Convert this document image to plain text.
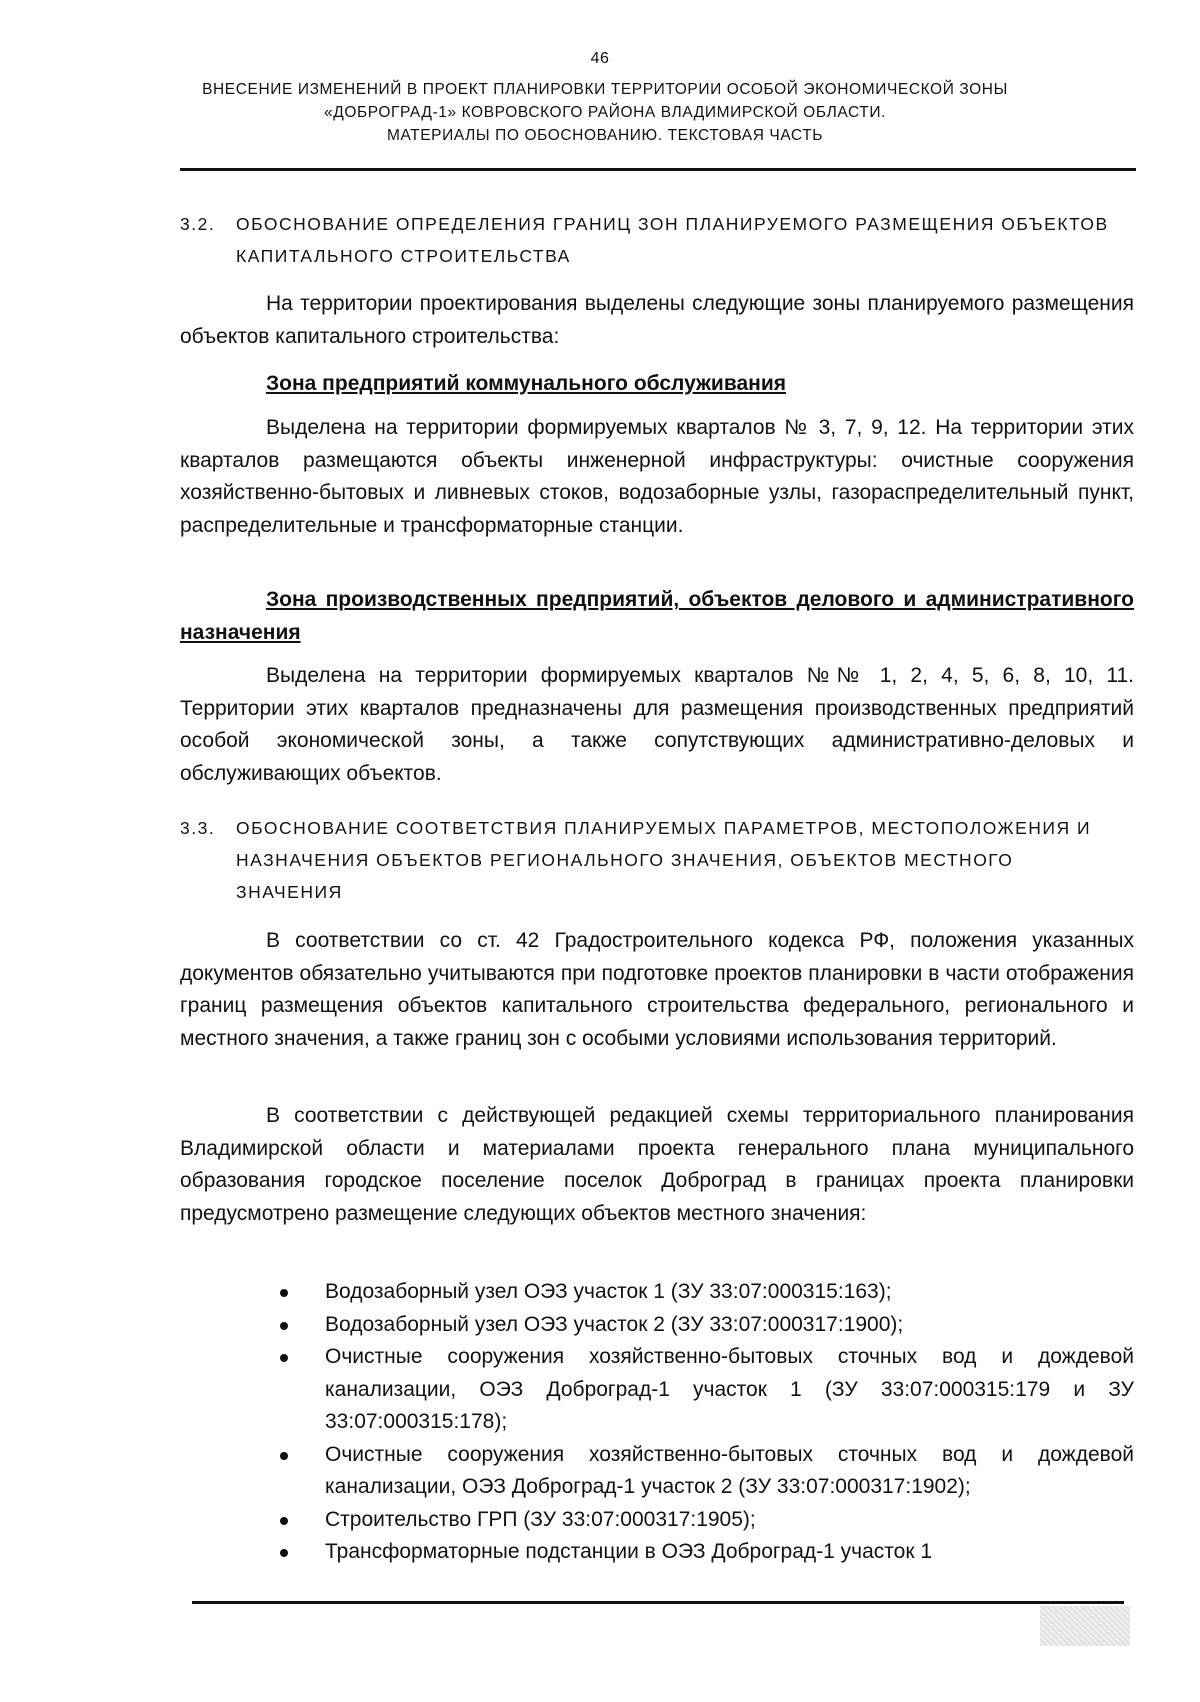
46
ВНЕСЕНИЕ ИЗМЕНЕНИЙ В ПРОЕКТ ПЛАНИРОВКИ ТЕРРИТОРИИ ОСОБОЙ ЭКОНОМИЧЕСКОЙ ЗОНЫ
«ДОБРОГРАД-1» КОВРОВСКОГО РАЙОНА ВЛАДИМИРСКОЙ ОБЛАСТИ.
МАТЕРИАЛЫ ПО ОБОСНОВАНИЮ. ТЕКСТОВАЯ ЧАСТЬ
3.2. ОБОСНОВАНИЕ ОПРЕДЕЛЕНИЯ ГРАНИЦ ЗОН ПЛАНИРУЕМОГО РАЗМЕЩЕНИЯ ОБЪЕКТОВ КАПИТАЛЬНОГО СТРОИТЕЛЬСТВА

На территории проектирования выделены следующие зоны планируемого размещения объектов капитального строительства:

Зона предприятий коммунального обслуживания

Выделена на территории формируемых кварталов № 3, 7, 9, 12. На территории этих кварталов размещаются объекты инженерной инфраструктуры: очистные сооружения хозяйственно-бытовых и ливневых стоков, водозаборные узлы, газораспределительный пункт, распределительные и трансформаторные станции.

Зона производственных предприятий, объектов делового и административного назначения

Выделена на территории формируемых кварталов №№ 1, 2, 4, 5, 6, 8, 10, 11. Территории этих кварталов предназначены для размещения производственных предприятий особой экономической зоны, а также сопутствующих административно-деловых и обслуживающих объектов.

3.3. ОБОСНОВАНИЕ СООТВЕТСТВИЯ ПЛАНИРУЕМЫХ ПАРАМЕТРОВ, МЕСТОПОЛОЖЕНИЯ И НАЗНАЧЕНИЯ ОБЪЕКТОВ РЕГИОНАЛЬНОГО ЗНАЧЕНИЯ, ОБЪЕКТОВ МЕСТНОГО ЗНАЧЕНИЯ

В соответствии со ст. 42 Градостроительного кодекса РФ, положения указанных документов обязательно учитываются при подготовке проектов планировки в части отображения границ размещения объектов капитального строительства федерального, регионального и местного значения, а также границ зон с особыми условиями использования территорий.

В соответствии с действующей редакцией схемы территориального планирования Владимирской области и материалами проекта генерального плана муниципального образования городское поселение поселок Доброград в границах проекта планировки предусмотрено размещение следующих объектов местного значения:

Водозаборный узел ОЭЗ участок 1 (ЗУ 33:07:000315:163);
Водозаборный узел ОЭЗ участок 2 (ЗУ 33:07:000317:1900);
Очистные сооружения хозяйственно-бытовых сточных вод и дождевой канализации, ОЭЗ Доброград-1 участок 1 (ЗУ 33:07:000315:179 и ЗУ 33:07:000315:178);
Очистные сооружения хозяйственно-бытовых сточных вод и дождевой канализации, ОЭЗ Доброград-1 участок 2 (ЗУ 33:07:000317:1902);
Строительство ГРП (ЗУ 33:07:000317:1905);
Трансформаторные подстанции в ОЭЗ Доброград-1 участок 1
